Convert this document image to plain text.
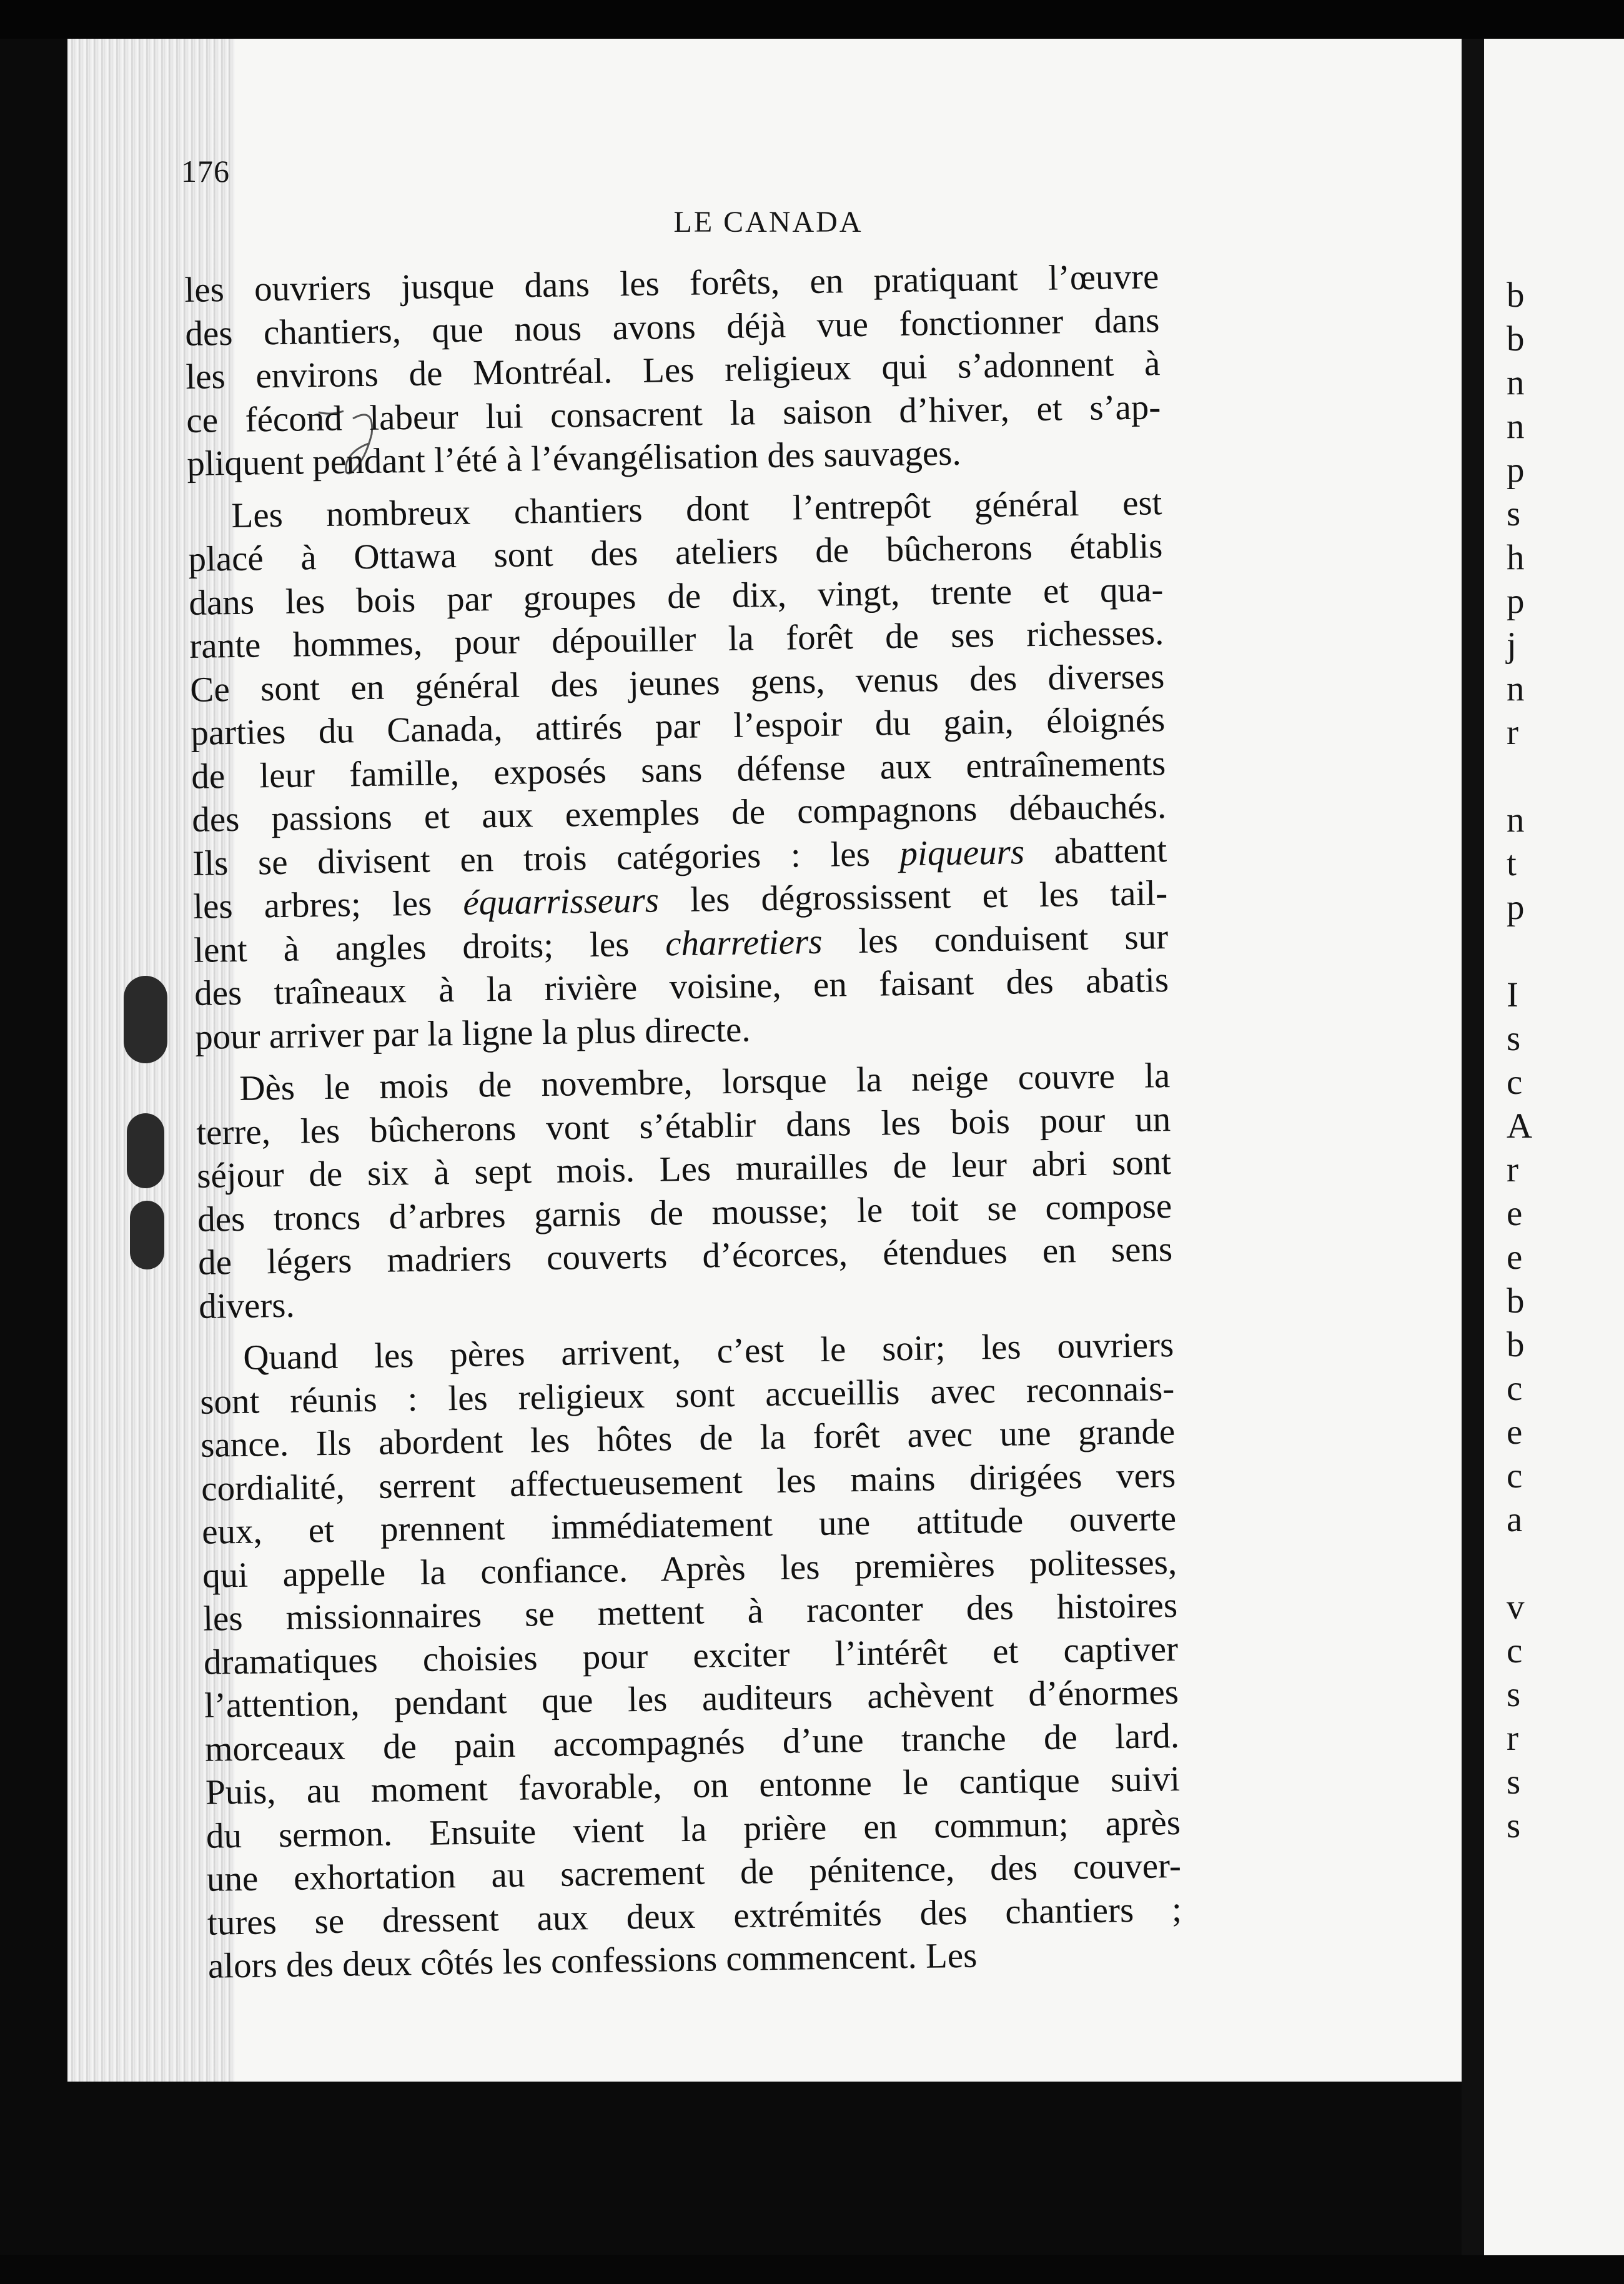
176
LE CANADA
les ouvriers jusque dans les forêts, en pratiquant l’œuvre
des chantiers, que nous avons déjà vue fonctionner dans
les environs de Montréal. Les religieux qui s’adonnent à
ce fécond labeur lui consacrent la saison d’hiver, et s’ap-
pliquent pendant l’été à l’évangélisation des sauvages.
Les nombreux chantiers dont l’entrepôt général est
placé à Ottawa sont des ateliers de bûcherons établis
dans les bois par groupes de dix, vingt, trente et qua-
rante hommes, pour dépouiller la forêt de ses richesses.
Ce sont en général des jeunes gens, venus des diverses
parties du Canada, attirés par l’espoir du gain, éloignés
de leur famille, exposés sans défense aux entraînements
des passions et aux exemples de compagnons débauchés.
Ils se divisent en trois catégories : les piqueurs abattent
les arbres; les équarrisseurs les dégrossissent et les tail-
lent à angles droits; les charretiers les conduisent sur
des traîneaux à la rivière voisine, en faisant des abatis
pour arriver par la ligne la plus directe.
Dès le mois de novembre, lorsque la neige couvre la
terre, les bûcherons vont s’établir dans les bois pour un
séjour de six à sept mois. Les murailles de leur abri sont
des troncs d’arbres garnis de mousse; le toit se compose
de légers madriers couverts d’écorces, étendues en sens
divers.
Quand les pères arrivent, c’est le soir; les ouvriers
sont réunis : les religieux sont accueillis avec reconnais-
sance. Ils abordent les hôtes de la forêt avec une grande
cordialité, serrent affectueusement les mains dirigées vers
eux, et prennent immédiatement une attitude ouverte
qui appelle la confiance. Après les premières politesses,
les missionnaires se mettent à raconter des histoires
dramatiques choisies pour exciter l’intérêt et captiver
l’attention, pendant que les auditeurs achèvent d’énormes
morceaux de pain accompagnés d’une tranche de lard.
Puis, au moment favorable, on entonne le cantique suivi
du sermon. Ensuite vient la prière en commun; après
une exhortation au sacrement de pénitence, des couver-
tures se dressent aux deux extrémités des chantiers ;
alors des deux côtés les confessions commencent. Les
b
b
n
n
p
s
h
p
j
n
r
n
t
p
I
s
c
A
r
e
e
b
b
c
e
c
a
v
c
s
r
s
s
